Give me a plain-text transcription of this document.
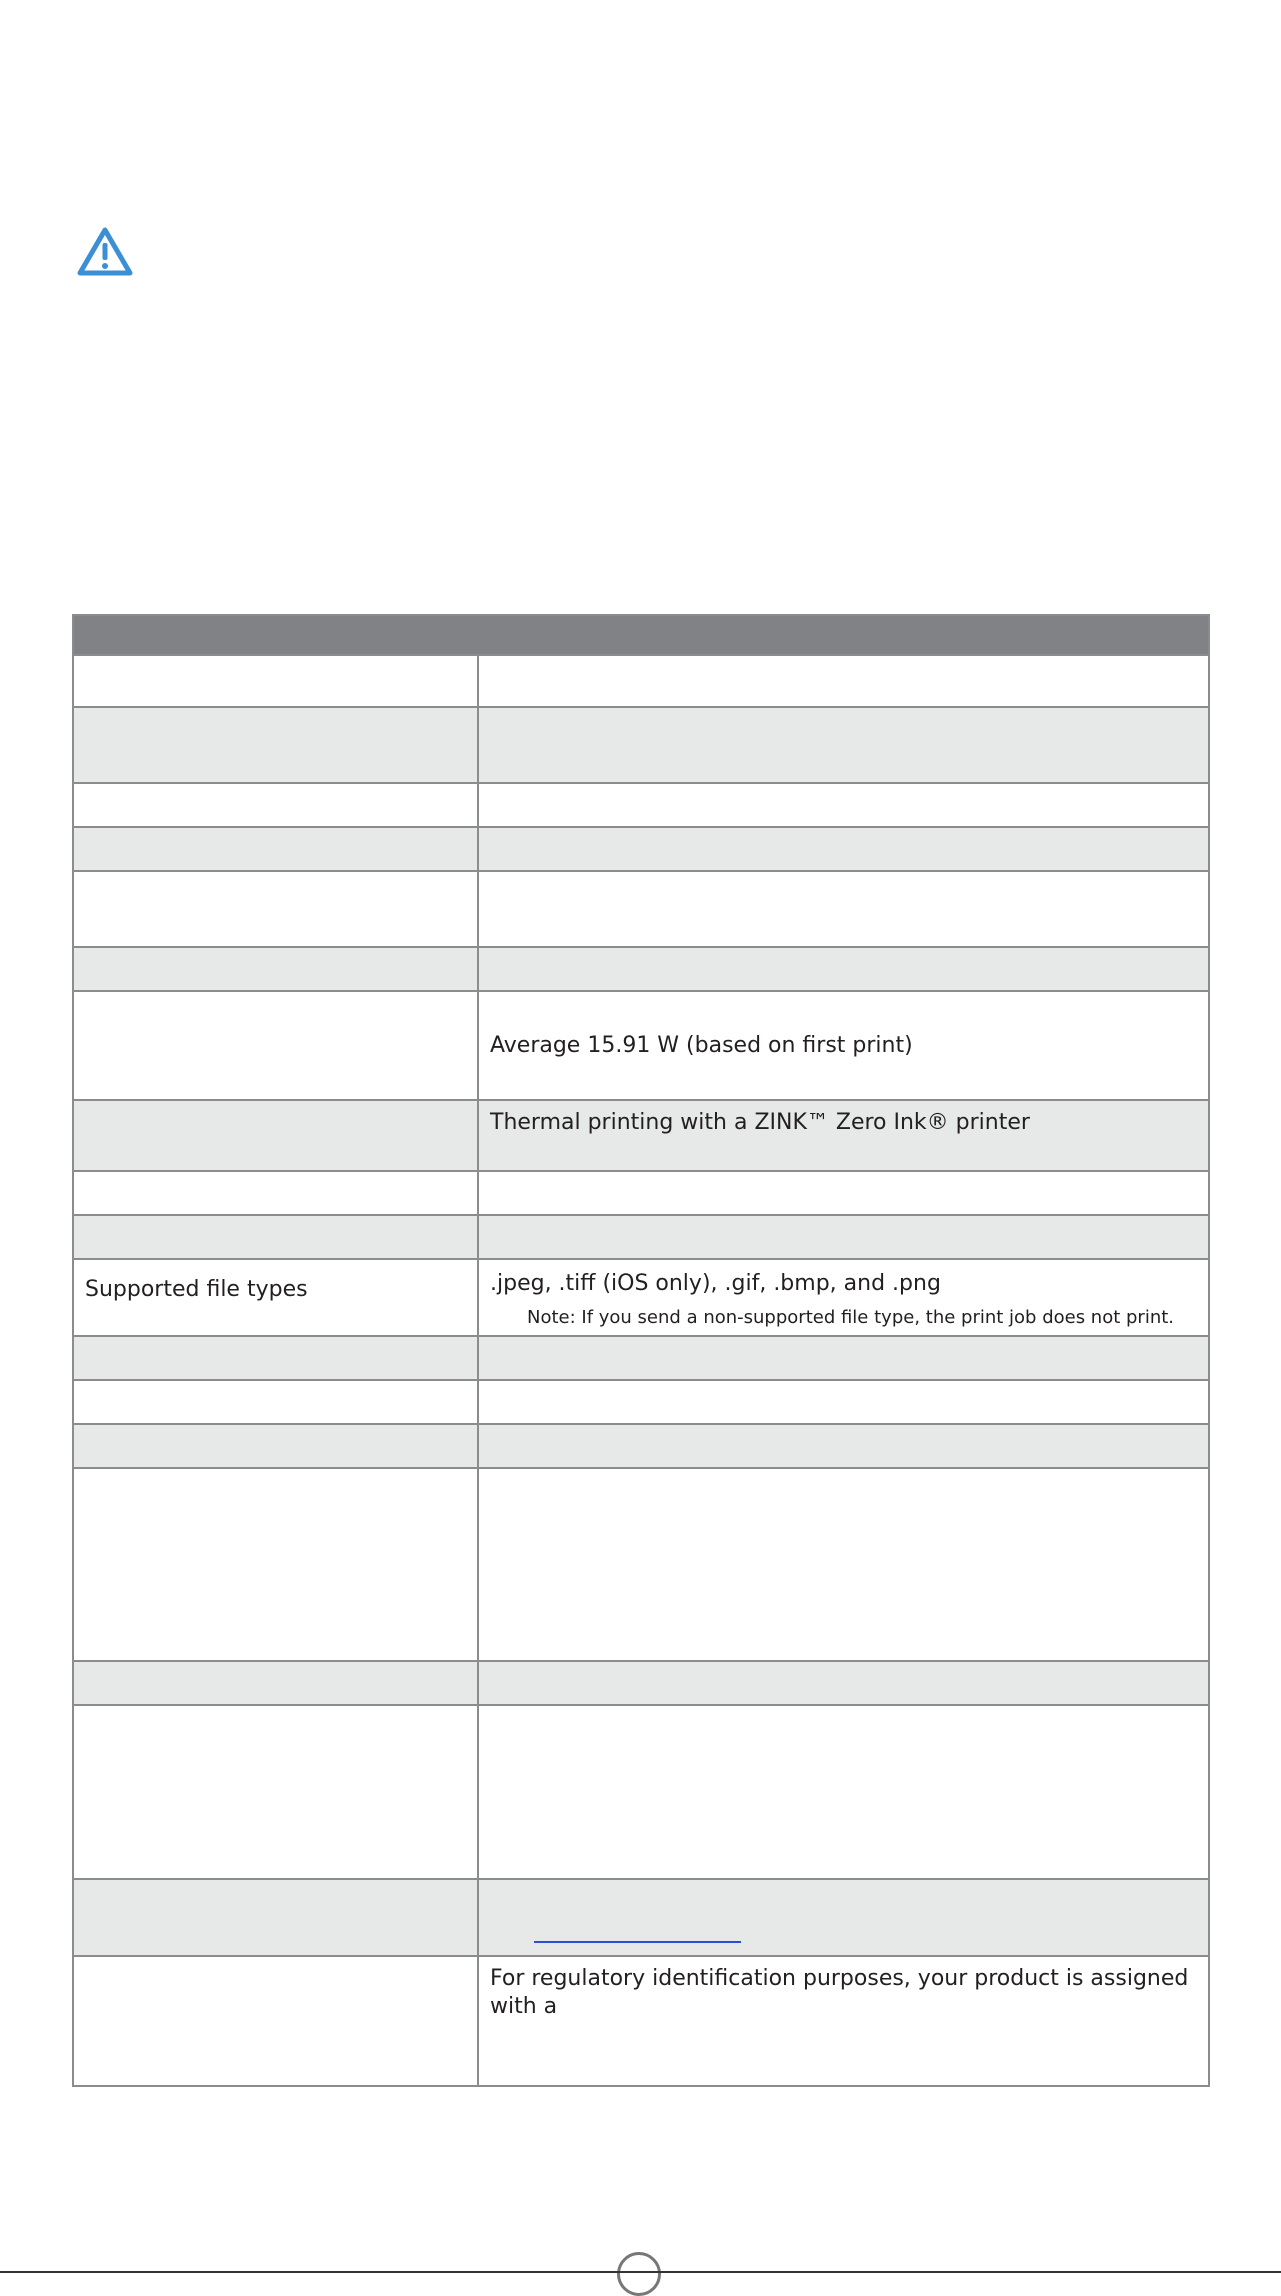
	Average 15.91 W (based on first print)
	Thermal printing with a ZINK™ Zero Ink® printer

Supported file types	.jpeg, .tiff (iOS only), .gif, .bmp, and .png
Note: If you send a non-supported file type, the print job does not print.

	For regulatory identification purposes, your product is assigned with a
